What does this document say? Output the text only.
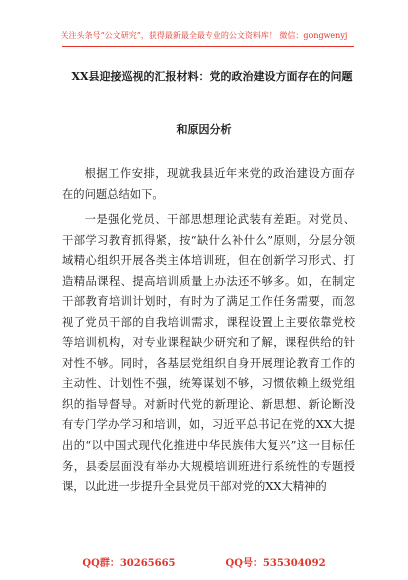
关注头条号“公文研究”，获得最新最全最专业的公文资料库！ 微信：gongwenyj
XX县迎接巡视的汇报材料：党的政治建设方面存在的问题
和原因分析

根据工作安排，现就我县近年来党的政治建设方面存在的问题总结如下。

一是强化党员、干部思想理论武装有差距。对党员、干部学习教育抓得紧，按“缺什么补什么”原则，分层分领域精心组织开展各类主体培训班，但在创新学习形式、打造精品课程、提高培训质量上办法还不够多。如，在制定干部教育培训计划时，有时为了满足工作任务需要，而忽视了党员干部的自我培训需求，课程设置上主要依靠党校等培训机构，对专业课程缺少研究和了解，课程供给的针对性不够。同时，各基层党组织自身开展理论教育工作的主动性、计划性不强，统筹谋划不够，习惯依赖上级党组织的指导督导。对新时代党的新理论、新思想、新论断没有专门学办学习和培训，如，习近平总书记在党的XX大提出的“以中国式现代化推进中华民族伟大复兴”这一目标任务，县委层面没有举办大规模培训班进行系统性的专题授课，以此进一步提升全县党员干部对党的XX大精神的

QQ群：30265665	QQ号：535304092
